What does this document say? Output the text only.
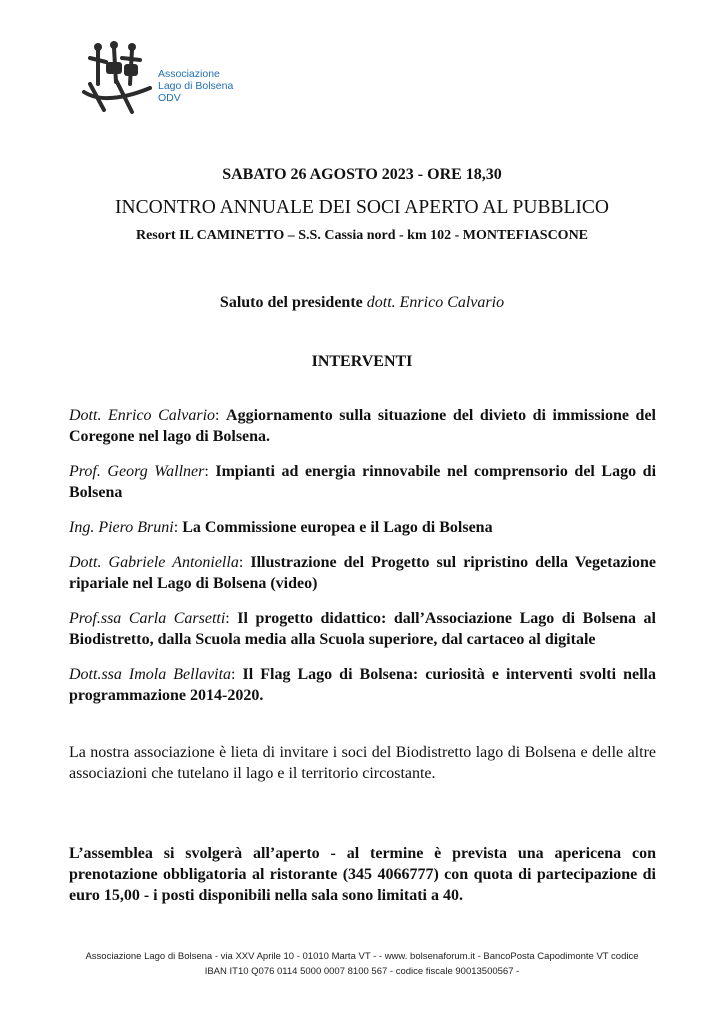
Associazione
Lago di Bolsena
ODV
SABATO 26 AGOSTO 2023 - ORE 18,30
INCONTRO ANNUALE DEI SOCI APERTO AL PUBBLICO
Resort IL CAMINETTO – S.S. Cassia nord - km 102 - MONTEFIASCONE
Saluto del presidente dott. Enrico Calvario
INTERVENTI
Dott. Enrico Calvario: Aggiornamento sulla situazione del divieto di immissione del Coregone nel lago di Bolsena.
Prof. Georg Wallner: Impianti ad energia rinnovabile nel comprensorio del Lago di Bolsena
Ing. Piero Bruni: La Commissione europea e il Lago di Bolsena
Dott. Gabriele Antoniella: Illustrazione del Progetto sul ripristino della Vegetazione ripariale nel Lago di Bolsena (video)
Prof.ssa Carla Carsetti: Il progetto didattico: dall’Associazione Lago di Bolsena al Biodistretto, dalla Scuola media alla Scuola superiore, dal cartaceo al digitale
Dott.ssa Imola Bellavita: Il Flag Lago di Bolsena: curiosità e interventi svolti nella programmazione 2014-2020.

La nostra associazione è lieta di invitare i soci del Biodistretto lago di Bolsena e delle altre associazioni che tutelano il lago e il territorio circostante.

L’assemblea si svolgerà all’aperto - al termine è prevista una apericena con prenotazione obbligatoria al ristorante (345 4066777) con quota di partecipazione di euro 15,00 - i posti disponibili nella sala sono limitati a 40.

Associazione Lago di Bolsena - via XXV Aprile 10 - 01010 Marta VT - - www. bolsenaforum.it - BancoPosta Capodimonte VT codice
IBAN IT10 Q076 0114 5000 0007 8100 567 - codice fiscale 90013500567 -
